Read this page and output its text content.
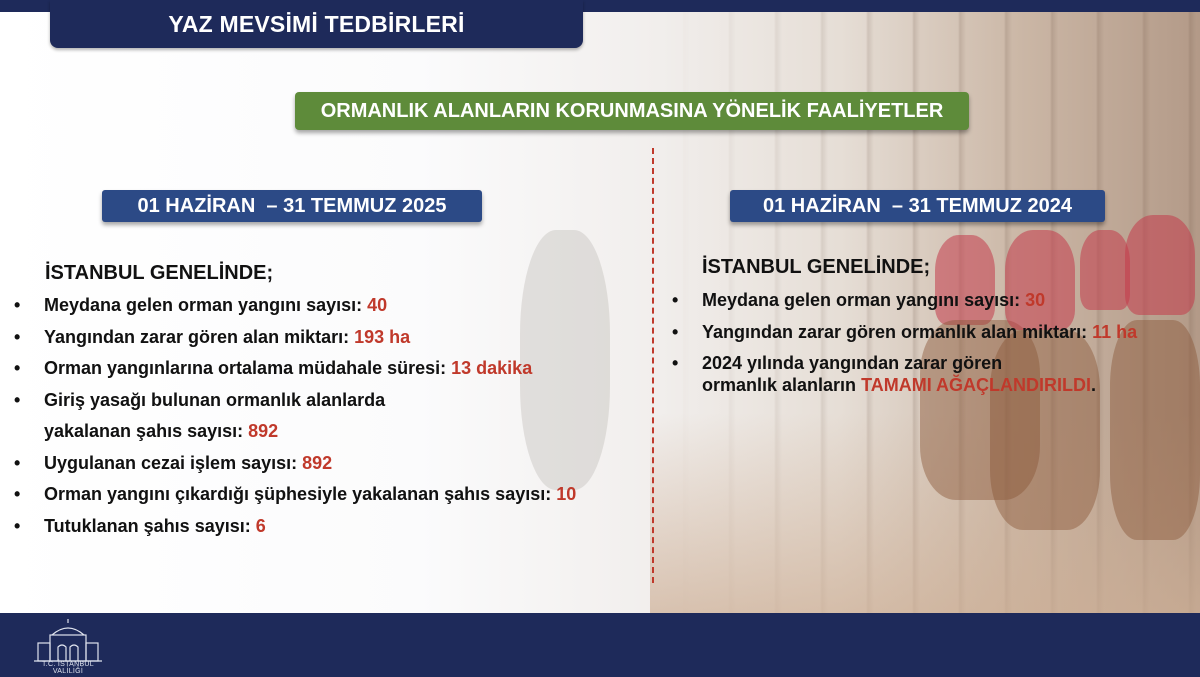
YAZ MEVSİMİ TEDBİRLERİ
ORMANLIK ALANLARIN KORUNMASINA YÖNELİK FAALİYETLER
01 HAZİRAN  – 31 TEMMUZ 2025
İSTANBUL GENELİNDE;
• Meydana gelen orman yangını sayısı: 40
• Yangından zarar gören alan miktarı: 193 ha
• Orman yangınlarına ortalama müdahale süresi: 13 dakika
• Giriş yasağı bulunan ormanlık alanlarda
yakalanan şahıs sayısı: 892
• Uygulanan cezai işlem sayısı: 892
• Orman yangını çıkardığı şüphesiyle yakalanan şahıs sayısı: 10
• Tutuklanan şahıs sayısı: 6
01 HAZİRAN  – 31 TEMMUZ 2024
İSTANBUL GENELİNDE;
• Meydana gelen orman yangını sayısı: 30
• Yangından zarar gören ormanlık alan miktarı: 11 ha
• 2024 yılında yangından zarar gören
ormanlık alanların TAMAMI AĞAÇLANDIRILDI.
T.C. İSTANBUL VALİLİĞİ
